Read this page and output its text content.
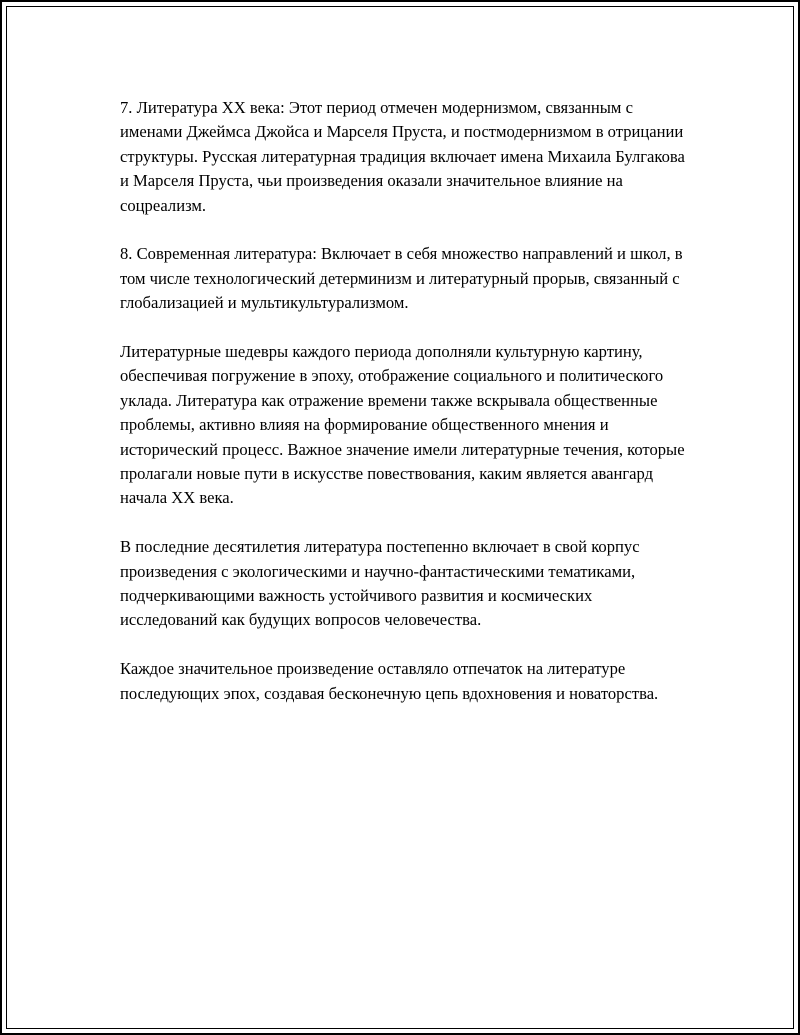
7. Литература XX века: Этот период отмечен модернизмом, связанным с именами Джеймса Джойса и Марселя Пруста, и постмодернизмом в отрицании структуры. Русская литературная традиция включает имена Михаила Булгакова и Марселя Пруста, чьи произведения оказали значительное влияние на соцреализм.

8. Современная литература: Включает в себя множество направлений и школ, в том числе технологический детерминизм и литературный прорыв, связанный с глобализацией и мультикультурализмом.

Литературные шедевры каждого периода дополняли культурную картину, обеспечивая погружение в эпоху, отображение социального и политического уклада. Литература как отражение времени также вскрывала общественные проблемы, активно влияя на формирование общественного мнения и исторический процесс. Важное значение имели литературные течения, которые пролагали новые пути в искусстве повествования, каким является авангард начала XX века.

В последние десятилетия литература постепенно включает в свой корпус произведения с экологическими и научно-фантастическими тематиками, подчеркивающими важность устойчивого развития и космических исследований как будущих вопросов человечества.

Каждое значительное произведение оставляло отпечаток на литературе последующих эпох, создавая бесконечную цепь вдохновения и новаторства.
